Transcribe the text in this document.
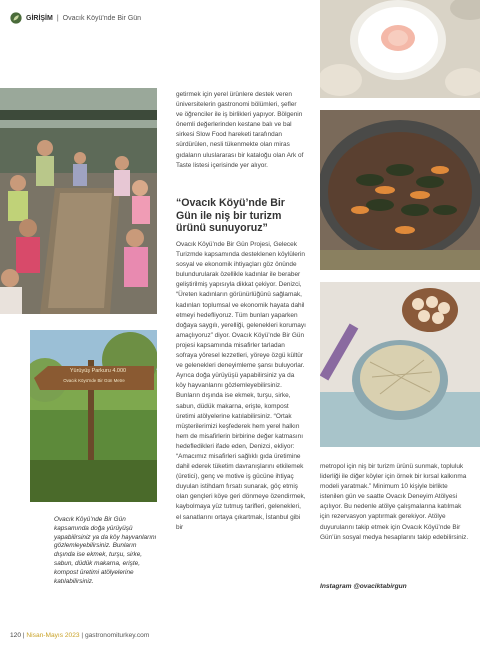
GİRİŞİM | Ovacık Köyü'nde Bir Gün
Yürüyüş Parkuru 4.000
Ovacık Köyü'nde Bir Gün Metre
Ovacık Köyü’nde Bir Gün kapsamında doğa yürüyüşü yapabilirsiniz ya da köy hayvanlarını gözlemleyebilirsiniz. Bunların dışında ise ekmek, turşu, sirke, sabun, düdük makarna, erişte, kompost üretimi atölyelerine katılabilirsiniz.

getirmek için yerel ürünlere destek veren üniversitelerin gastronomi bölümleri, şefler ve öğrenciler ile iş birlikleri yapıyor. Bölgenin önemli değerlerinden kestane balı ve bal sirkesi Slow Food hareketi tarafından sürdürülen, nesli tükenmekte olan miras gıdaların uluslararası bir kataloğu olan Ark of Taste listesi içerisinde yer alıyor.

“Ovacık Köyü’nde Bir Gün ile niş bir turizm ürünü sunuyoruz”

Ovacık Köyü’nde Bir Gün Projesi, Gelecek Turizmde kapsamında desteklenen köylülerin sosyal ve ekonomik ihtiyaçları göz önünde bulundurularak özellikle kadınlar ile beraber geliştirilmiş yapısıyla dikkat çekiyor. Denizci, “Üreten kadınların görünürlüğünü sağlamak, kadınları toplumsal ve ekonomik hayata dahil etmeyi hedefliyoruz. Tüm bunları yaparken doğaya saygılı, yerelliği, gelenekleri korumayı amaçlıyoruz” diyor. Ovacık Köyü’nde Bir Gün projesi kapsamında misafirler tarladan sofraya yöresel lezzetleri, yöreye özgü kültür ve gelenekleri deneyimleme şansı buluyorlar. Ayrıca doğa yürüyüşü yapabilirsiniz ya da köy hayvanlarını gözlemleyebilirsiniz. Bunların dışında ise ekmek, turşu, sirke, sabun, düdük makarna, erişte, kompost üretimi atölyelerine katılabilirsiniz. “Ortak müşterilerimizi keşfederek hem yerel halkın hem de misafirlerin birbirine değer katmasını hedefledikleri ifade eden, Denizci, ekliyor: “Amacımız misafirleri sağlıklı gıda üretimine dahil ederek tüketim davranışlarını etkilemek (üretici), genç ve motive iş gücüne ihtiyaç duyulan istihdam fırsatı sunarak, göç etmiş olan gençleri köye geri dönmeye özendirmek, kaybolmaya yüz tutmuş tarifleri, gelenekleri, el sanatlarını ortaya çıkartmak, İstanbul gibi bir

metropol için niş bir turizm ürünü sunmak, topluluk liderliği ile diğer köyler için örnek bir kırsal kalkınma modeli yaratmak.” Minimum 10 kişiyle birlikte istenilen gün ve saatte Ovacık Deneyim Atölyesi açılıyor. Bu nedenle atölye çalışmalarına katılmak için rezervasyon yaptırmak gerekiyor. Atölye duyurularını takip etmek için Ovacık Köyü’nde Bir Gün’ün sosyal medya hesaplarını takip edebilirsiniz.

Instagram @ovaciktabirgun
120 | Nisan-Mayıs 2023 | gastronomiturkey.com
